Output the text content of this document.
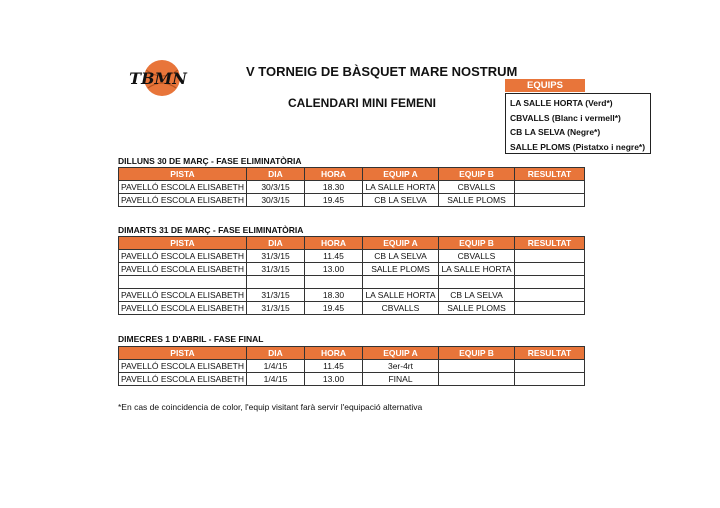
TBMN	V TORNEIG DE BÀSQUET MARE NOSTRUM
CALENDARI MINI FEMENI
EQUIPS
LA SALLE HORTA (Verd*)
CBVALLS (Blanc i vermell*)
CB LA SELVA (Negre*)
SALLE PLOMS (Pistatxo i negre*)
DILLUNS 30 DE MARÇ - FASE ELIMINATÒRIA
PISTA	DIA	HORA	EQUIP A	EQUIP B	RESULTAT
PAVELLÓ ESCOLA ELISABETH	30/3/15	18.30	LA SALLE HORTA	CBVALLS	
PAVELLÓ ESCOLA ELISABETH	30/3/15	19.45	CB LA SELVA	SALLE PLOMS	
DIMARTS 31 DE MARÇ - FASE ELIMINATÒRIA
PISTA	DIA	HORA	EQUIP A	EQUIP B	RESULTAT
PAVELLÓ ESCOLA ELISABETH	31/3/15	11.45	CB LA SELVA	CBVALLS	
PAVELLÓ ESCOLA ELISABETH	31/3/15	13.00	SALLE PLOMS	LA SALLE HORTA	

PAVELLÓ ESCOLA ELISABETH	31/3/15	18.30	LA SALLE HORTA	CB LA SELVA	
PAVELLÓ ESCOLA ELISABETH	31/3/15	19.45	CBVALLS	SALLE PLOMS	
DIMECRES 1 D'ABRIL - FASE FINAL
PISTA	DIA	HORA	EQUIP A	EQUIP B	RESULTAT
PAVELLÓ ESCOLA ELISABETH	1/4/15	11.45	3er-4rt		
PAVELLÓ ESCOLA ELISABETH	1/4/15	13.00	FINAL		
*En cas de coincidencia de color, l'equip visitant farà servir l'equipació alternativa
